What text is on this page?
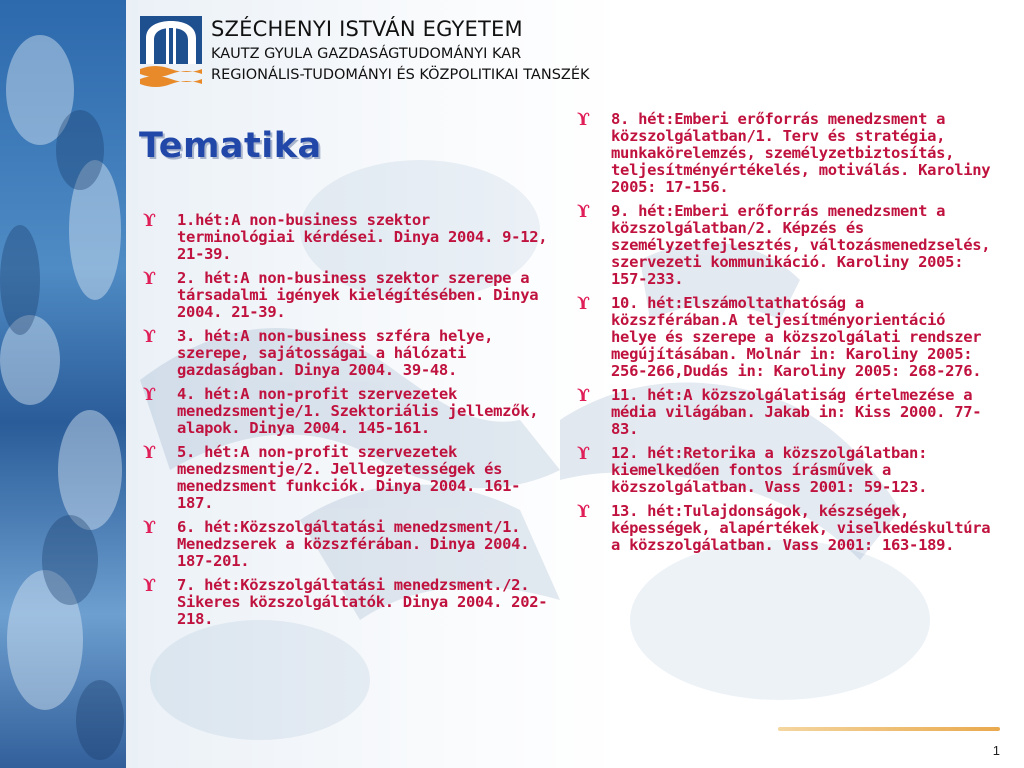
SZÉCHENYI ISTVÁN EGYETEM
KAUTZ GYULA GAZDASÁGTUDOMÁNYI KAR
REGIONÁLIS-TUDOMÁNYI ÉS KÖZPOLITIKAI TANSZÉK
Tematika
ϒ	1.hét:A non-business szektor terminológiai kérdései. Dinya 2004. 9-12, 21-39.
ϒ	2. hét:A non-business szektor szerepe a társadalmi igények kielégítésében. Dinya 2004. 21-39.
ϒ	3. hét:A non-business szféra helye, szerepe, sajátosságai a hálózati gazdaságban. Dinya 2004. 39-48.
ϒ	4. hét:A non-profit szervezetek menedzsmentje/1. Szektoriális jellemzők, alapok. Dinya 2004. 145-161.
ϒ	5. hét:A non-profit szervezetek menedzsmentje/2. Jellegzetességek és menedzsment funkciók. Dinya 2004. 161-187.
ϒ	6. hét:Közszolgáltatási menedzsment/1. Menedzserek a közszférában. Dinya 2004. 187-201.
ϒ	7. hét:Közszolgáltatási menedzsment./2. Sikeres közszolgáltatók. Dinya 2004. 202-218.
ϒ	8. hét:Emberi erőforrás menedzsment a közszolgálatban/1. Terv és stratégia, munkakörelemzés, személyzetbiztosítás, teljesítményértékelés, motiválás. Karoliny 2005: 17-156.
ϒ	9. hét:Emberi erőforrás menedzsment a közszolgálatban/2. Képzés és személyzetfejlesztés, változásmenedzselés, szervezeti kommunikáció. Karoliny 2005: 157-233.
ϒ	10. hét:Elszámoltathatóság a közszférában.A teljesítményorientáció helye és szerepe a közszolgálati rendszer megújításában. Molnár in: Karoliny 2005: 256-266,Dudás in: Karoliny 2005: 268-276.
ϒ	11. hét:A közszolgálatiság értelmezése a média világában. Jakab in: Kiss 2000. 77-83.
ϒ	12. hét:Retorika a közszolgálatban: kiemelkedően fontos írásművek a közszolgálatban. Vass 2001: 59-123.
ϒ	13. hét:Tulajdonságok, készségek, képességek, alapértékek, viselkedéskultúra a közszolgálatban. Vass 2001: 163-189.
1
